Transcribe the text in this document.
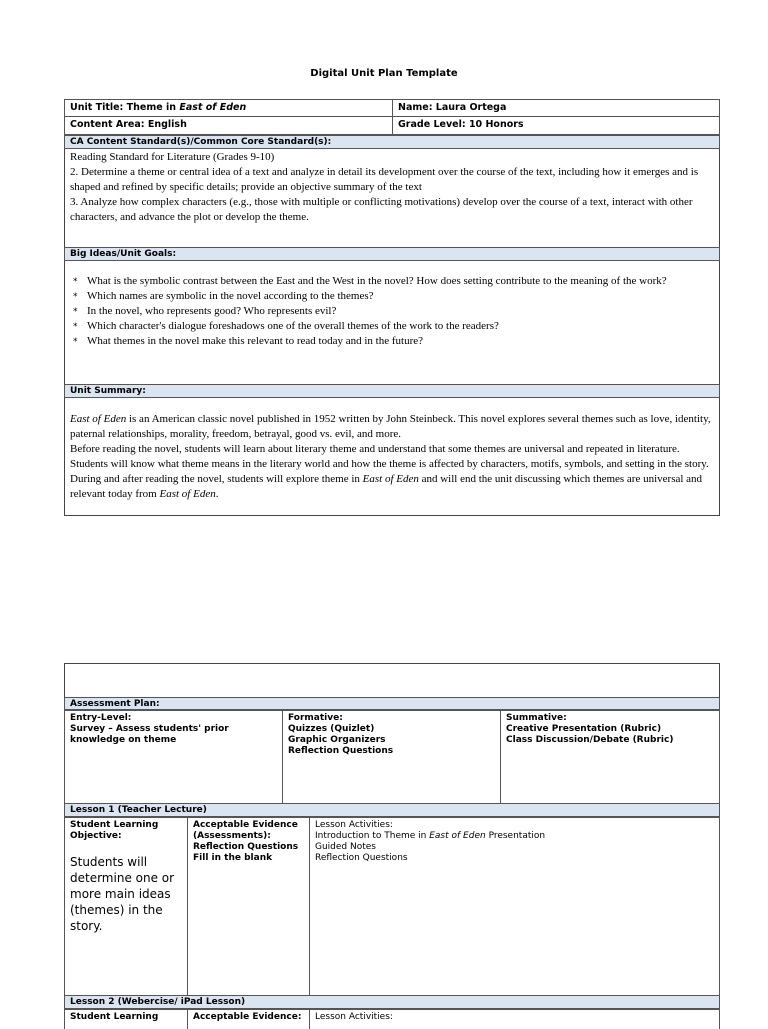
Digital Unit Plan Template
Unit Title: Theme in East of Eden	Name: Laura Ortega
Content Area: English	Grade Level: 10 Honors
CA Content Standard(s)/Common Core Standard(s):
Reading Standard for Literature (Grades 9-10)
2. Determine a theme or central idea of a text and analyze in detail its development over the course of the text, including how it emerges and is shaped and refined by specific details; provide an objective summary of the text
3. Analyze how complex characters (e.g., those with multiple or conflicting motivations) develop over the course of a text, interact with other characters, and advance the plot or develop the theme.
Big Ideas/Unit Goals:
* What is the symbolic contrast between the East and the West in the novel? How does setting contribute to the meaning of the work?
* Which names are symbolic in the novel according to the themes?
* In the novel, who represents good? Who represents evil?
* Which character's dialogue foreshadows one of the overall themes of the work to the readers?
* What themes in the novel make this relevant to read today and in the future?
Unit Summary:
East of Eden is an American classic novel published in 1952 written by John Steinbeck. This novel explores several themes such as love, identity, paternal relationships, morality, freedom, betrayal, good vs. evil, and more.
Before reading the novel, students will learn about literary theme and understand that some themes are universal and repeated in literature. Students will know what theme means in the literary world and how the theme is affected by characters, motifs, symbols, and setting in the story. During and after reading the novel, students will explore theme in East of Eden and will end the unit discussing which themes are universal and relevant today from East of Eden.
Assessment Plan:
Entry-Level:
Survey – Assess students' prior knowledge on theme
Formative:
Quizzes (Quizlet)
Graphic Organizers
Reflection Questions
Summative:
Creative Presentation (Rubric)
Class Discussion/Debate (Rubric)
Lesson 1 (Teacher Lecture)
Student Learning Objective:
Students will determine one or more main ideas (themes) in the story.
Acceptable Evidence (Assessments):
Reflection Questions
Fill in the blank
Lesson Activities:
Introduction to Theme in East of Eden Presentation
Guided Notes
Reflection Questions
Lesson 2 (Webercise/ iPad Lesson)
Student Learning	Acceptable Evidence: Lesson Activities:
